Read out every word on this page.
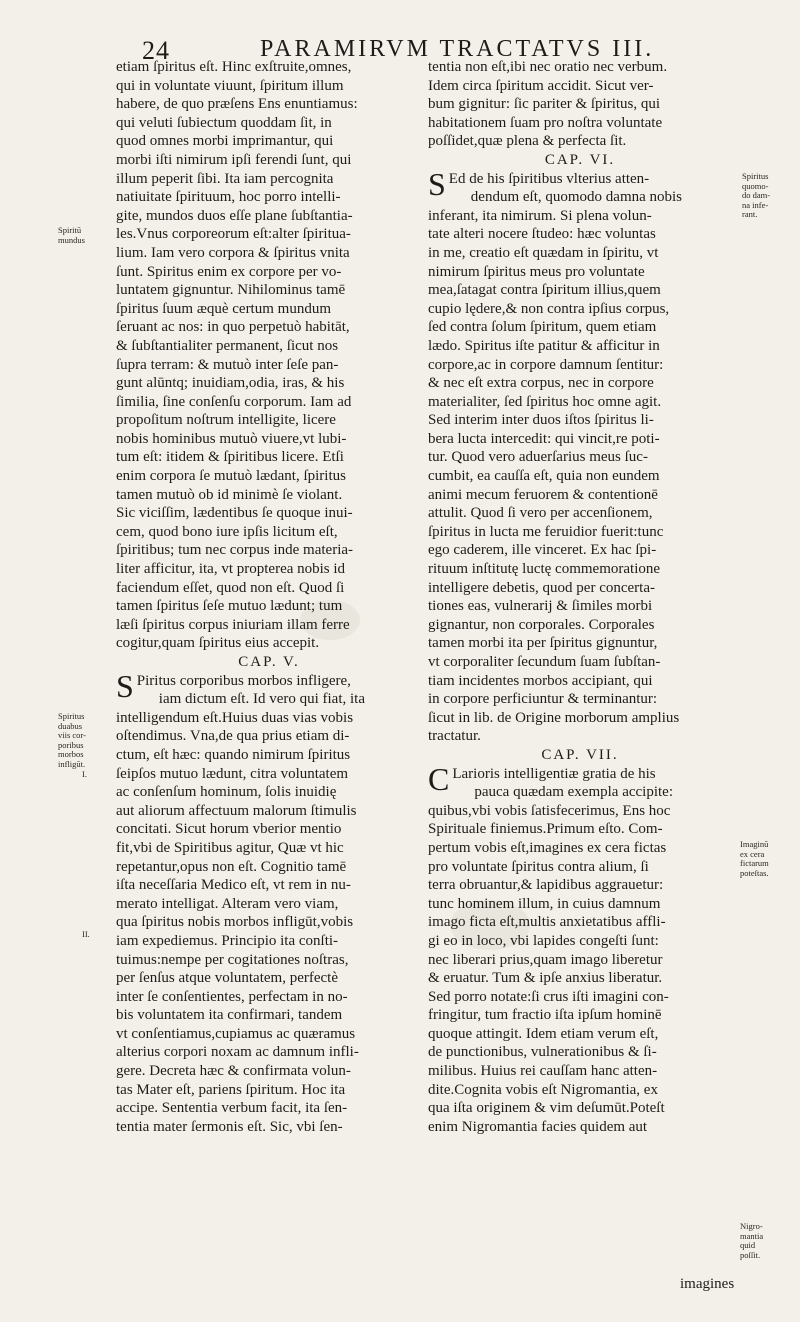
24	PARAMIRVM TRACTATVS III.
etiam ſpiritus eſt. Hinc exſtruite,omnes,
qui in voluntate viuunt, ſpiritum illum
habere, de quo præſens Ens enuntiamus:
qui veluti ſubiectum quoddam ſit, in
quod omnes morbi imprimantur, qui
morbi iſti nimirum ipſi ferendi ſunt, qui
illum peperit ſibi. Ita iam percognita
natiuitate ſpirituum, hoc porro intelli-
gite, mundos duos eſſe plane ſubſtantia-
les.Vnus corporeorum eſt:alter ſpiritua-
lium. Iam vero corpora & ſpiritus vnita
ſunt. Spiritus enim ex corpore per vo-
luntatem gignuntur. Nihilominus tamē
ſpiritus ſuum æquè certum mundum
ſeruant ac nos: in quo perpetuò habitāt,
& ſubſtantialiter permanent, ſicut nos
ſupra terram: & mutuò inter ſeſe pan-
gunt alūntq; inuidiam,odia, iras, & his
ſimilia, ſine conſenſu corporum. Iam ad
propoſitum noſtrum intelligite, licere
nobis hominibus mutuò viuere,vt lubi-
tum eſt: itidem & ſpiritibus licere. Etſi
enim corpora ſe mutuò lædant, ſpiritus
tamen mutuò ob id minimè ſe violant.
Sic viciſſim, lædentibus ſe quoque inui-
cem, quod bono iure ipſis licitum eſt,
ſpiritibus; tum nec corpus inde materia-
liter afficitur, ita, vt propterea nobis id
faciendum eſſet, quod non eſt. Quod ſi
tamen ſpiritus ſeſe mutuo lædunt; tum
læſi ſpiritus corpus iniuriam illam ferre
cogitur,quam ſpiritus eius accepit.
CAP. V.
S Piritus corporibus morbos infligere,
iam dictum eſt. Id vero qui fiat, ita
intelligendum eſt.Huius duas vias vobis
oſtendimus. Vna,de qua prius etiam di-
ctum, eſt hæc: quando nimirum ſpiritus
ſeipſos mutuo lædunt, citra voluntatem
ac conſenſum hominum, ſolis inuidię
aut aliorum affectuum malorum ſtimulis
concitati. Sicut horum vberior mentio
fit,vbi de Spiritibus agitur, Quæ vt hic
repetantur,opus non eſt. Cognitio tamē
iſta neceſſaria Medico eſt, vt rem in nu-
merato intelligat. Alteram vero viam,
qua ſpiritus nobis morbos infligūt,vobis
iam expediemus. Principio ita conſti-
tuimus:nempe per cogitationes noſtras,
per ſenſus atque voluntatem, perfectè
inter ſe conſentientes, perfectam in no-
bis voluntatem ita confirmari, tandem
vt conſentiamus,cupiamus ac quæramus
alterius corpori noxam ac damnum infli-
gere. Decreta hæc & confirmata volun-
tas Mater eſt, pariens ſpiritum. Hoc ita
accipe. Sententia verbum facit, ita ſen-
tentia mater ſermonis eſt. Sic, vbi ſen-
tentia non eſt,ibi nec oratio nec verbum.
Idem circa ſpiritum accidit. Sicut ver-
bum gignitur: ſic pariter & ſpiritus, qui
habitationem ſuam pro noſtra voluntate
poſſidet,quæ plena & perfecta ſit.
CAP. VI.
S Ed de his ſpiritibus vlterius atten-
dendum eſt, quomodo damna nobis
inferant, ita nimirum. Si plena volun-
tate alteri nocere ſtudeo: hæc voluntas
in me, creatio eſt quædam in ſpiritu, vt
nimirum ſpiritus meus pro voluntate
mea,ſatagat contra ſpiritum illius,quem
cupio lędere,& non contra ipſius corpus,
ſed contra ſolum ſpiritum, quem etiam
lædo. Spiritus iſte patitur & afficitur in
corpore,ac in corpore damnum ſentitur:
& nec eſt extra corpus, nec in corpore
materialiter, ſed ſpiritus hoc omne agit.
Sed interim inter duos iſtos ſpiritus li-
bera lucta intercedit: qui vincit,re poti-
tur. Quod vero aduerſarius meus ſuc-
cumbit, ea cauſſa eſt, quia non eundem
animi mecum feruorem & contentionē
attulit. Quod ſi vero per accenſionem,
ſpiritus in lucta me feruidior fuerit:tunc
ego caderem, ille vinceret. Ex hac ſpi-
rituum inſtitutę luctę commemoratione
intelligere debetis, quod per concerta-
tiones eas, vulnerarij & ſimiles morbi
gignantur, non corporales. Corporales
tamen morbi ita per ſpiritus gignuntur,
vt corporaliter ſecundum ſuam ſubſtan-
tiam incidentes morbos accipiant, qui
in corpore perficiuntur & terminantur:
ſicut in lib. de Origine morborum amplius
tractatur.
CAP. VII.
C Larioris intelligentiæ gratia de his
pauca quædam exempla accipite:
quibus,vbi vobis ſatisfecerimus, Ens hoc
Spirituale finiemus.Primum eſto. Com-
pertum vobis eſt,imagines ex cera fictas
pro voluntate ſpiritus contra alium, ſi
terra obruantur,& lapidibus aggrauetur:
tunc hominem illum, in cuius damnum
imago ficta eſt,multis anxietatibus affli-
gi eo in loco, vbi lapides congeſti ſunt:
nec liberari prius,quam imago liberetur
& eruatur. Tum & ipſe anxius liberatur.
Sed porro notate:ſi crus iſti imagini con-
fringitur, tum fractio iſta ipſum hominē
quoque attingit. Idem etiam verum eſt,
de punctionibus, vulnerationibus & ſi-
milibus. Huius rei cauſſam hanc atten-
dite.Cognita vobis eſt Nigromantia, ex
qua iſta originem & vim deſumūt.Poteſt
enim Nigromantia facies quidem aut
Spiritū
mundus
Spiritus
duabus
viis cor-
poribus
morbos
infligūt.
I.
II.
Spiritus
quomo-
do dam-
na infe-
rant.
Imaginū
ex cera
fictarum
poteſtas.
Nigro-
mantia
quid
poſſit.
imagines
